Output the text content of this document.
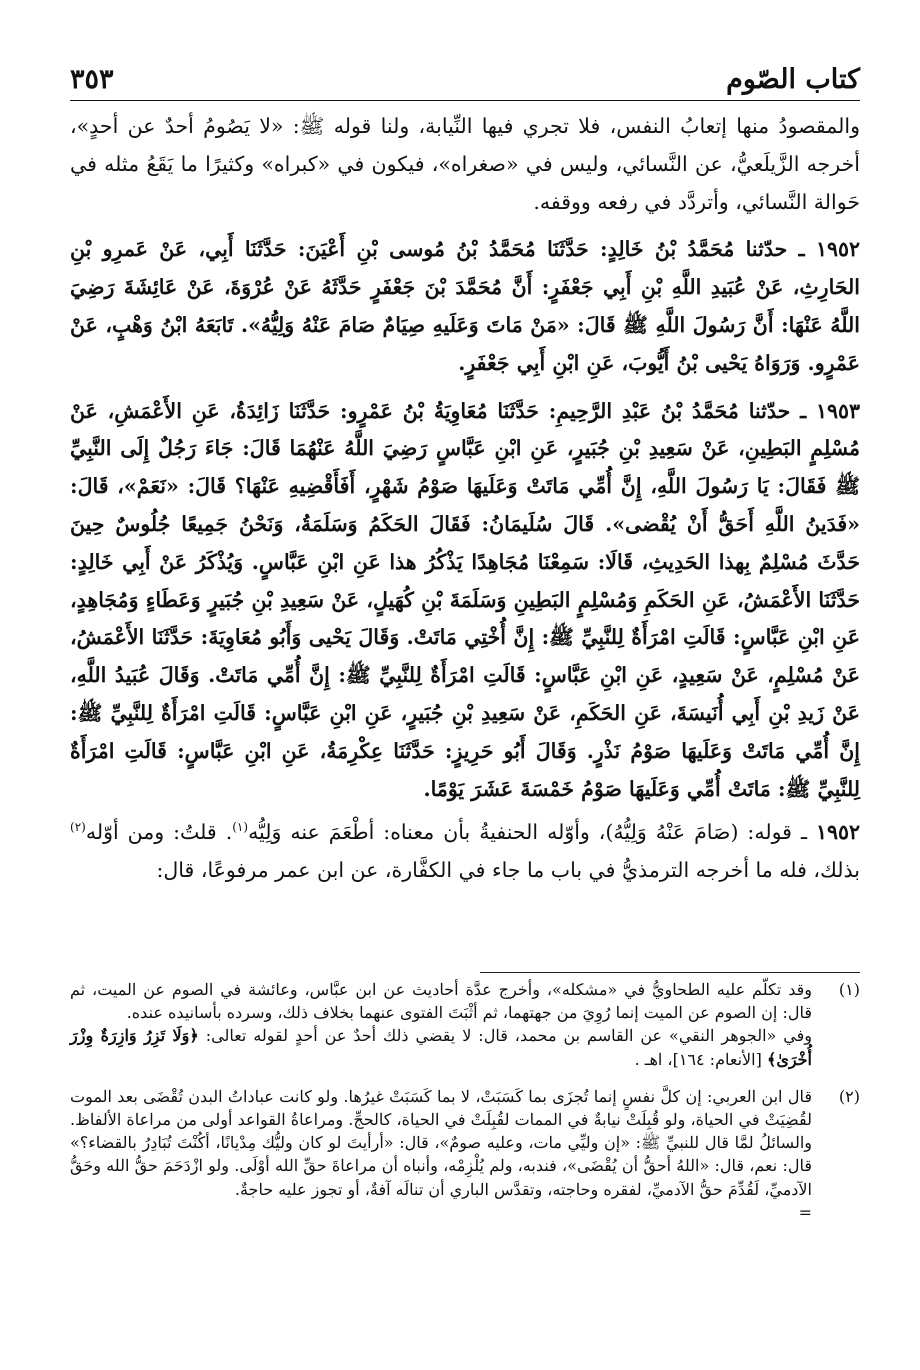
كتاب الصّوم
٣٥٣

والمقصودُ منها إتعابُ النفس، فلا تجري فيها النِّيابة، ولنا قوله ﷺ: «لا يَصُومُ أحدٌ عن أحدٍ»، أخرجه الزَّيلَعيُّ، عن النَّسائي، وليس في «صغراه»، فيكون في «كبراه» وكثيرًا ما يَقَعُ مثله في حَوالة النَّسائي، وأتردَّد في رفعه ووقفه.

١٩٥٢ ـ حدّثنا مُحَمَّدُ بْنُ خَالِدٍ: حَدَّثَنَا مُحَمَّدُ بْنُ مُوسى بْنِ أَعْيَنَ: حَدَّثَنَا أَبِي، عَنْ عَمرِو بْنِ الحَارِثِ، عَنْ عُبَيدِ اللَّهِ بْنِ أَبِي جَعْفَرٍ: أَنَّ مُحَمَّدَ بْنَ جَعْفَرٍ حَدَّثَهُ عَنْ عُرْوَةَ، عَنْ عَائِشَةَ رَضِيَ اللَّهُ عَنْهَا: أَنَّ رَسُولَ اللَّهِ ﷺ قَالَ: «مَنْ مَاتَ وَعَلَيهِ صِيَامٌ صَامَ عَنْهُ وَلِيُّهُ». تَابَعَهُ ابْنُ وَهْبٍ، عَنْ عَمْرٍو. وَرَوَاهُ يَحْيى بْنُ أَيُّوبَ، عَنِ ابْنِ أَبِي جَعْفَرٍ.

١٩٥٣ ـ حدّثنا مُحَمَّدُ بْنُ عَبْدِ الرَّحِيمِ: حَدَّثَنَا مُعَاوِيَةُ بْنُ عَمْرٍو: حَدَّثَنَا زَائِدَةُ، عَنِ الأَعْمَشِ، عَنْ مُسْلِمٍ البَطِينِ، عَنْ سَعِيدِ بْنِ جُبَيرٍ، عَنِ ابْنِ عَبَّاسٍ رَضِيَ اللَّهُ عَنْهُمَا قَالَ: جَاءَ رَجُلٌ إِلَى النَّبِيِّ ﷺ فَقَالَ: يَا رَسُولَ اللَّهِ، إِنَّ أُمِّي مَاتَتْ وَعَلَيهَا صَوْمُ شَهْرٍ، أَفَأَقْضِيهِ عَنْهَا؟ قَالَ: «نَعَمْ»، قَالَ: «فَدَينُ اللَّهِ أَحَقُّ أَنْ يُقْضى». قَالَ سُلَيمَانُ: فَقَالَ الحَكَمُ وَسَلَمَةُ، وَنَحْنُ جَمِيعًا جُلُوسٌ حِينَ حَدَّثَ مُسْلِمٌ بِهذا الحَدِيثِ، قَالَا: سَمِعْنَا مُجَاهِدًا يَذْكُرُ هذا عَنِ ابْنِ عَبَّاسٍ. وَيُذْكَرُ عَنْ أَبِي خَالِدٍ: حَدَّثَنَا الأَعْمَشُ، عَنِ الحَكَمِ وَمُسْلِمٍ البَطِينِ وَسَلَمَةَ بْنِ كُهَيلٍ، عَنْ سَعِيدِ بْنِ جُبَيرٍ وَعَطَاءٍ وَمُجَاهِدٍ، عَنِ ابْنِ عَبَّاسٍ: قَالَتِ امْرَأَةٌ لِلنَّبِيِّ ﷺ: إِنَّ أُخْتِي مَاتَتْ. وَقَالَ يَحْيى وَأَبُو مُعَاوِيَةَ: حَدَّثَنَا الأَعْمَشُ، عَنْ مُسْلِمٍ، عَنْ سَعِيدٍ، عَنِ ابْنِ عَبَّاسٍ: قَالَتِ امْرَأَةٌ لِلنَّبِيِّ ﷺ: إِنَّ أُمِّي مَاتَتْ. وَقَالَ عُبَيدُ اللَّهِ، عَنْ زَيدِ بْنِ أَبِي أُنَيسَةَ، عَنِ الحَكَمِ، عَنْ سَعِيدِ بْنِ جُبَيرٍ، عَنِ ابْنِ عَبَّاسٍ: قَالَتِ امْرَأَةٌ لِلنَّبِيِّ ﷺ: إِنَّ أُمِّي مَاتَتْ وَعَلَيهَا صَوْمُ نَذْرٍ. وَقَالَ أَبُو حَرِيزٍ: حَدَّثَنَا عِكْرِمَةُ، عَنِ ابْنِ عَبَّاسٍ: قَالَتِ امْرَأَةٌ لِلنَّبِيِّ ﷺ: مَاتَتْ أُمِّي وَعَلَيهَا صَوْمُ خَمْسَةَ عَشَرَ يَوْمًا.

١٩٥٢ ـ قوله: (صَامَ عَنْهُ وَلِيُّهُ)، وأوّله الحنفيةُ بأن معناه: أطْعَمَ عنه وَلِيُّه$^{(١)}$. قلتُ: ومن أوّله$^{(٢)}$ بذلك، فله ما أخرجه الترمذيُّ في باب ما جاء في الكفَّارة، عن ابن عمر مرفوعًا، قال:

(١)

وقد تكلّم عليه الطحاويُّ في «مشكله»، وأخرج عدَّة أحاديث عن ابن عبَّاس، وعائشة في الصوم عن الميت، ثم قال: إن الصوم عن الميت إنما رُوِيَ من جهتهما، ثم أثْبَتَ الفتوى عنهما بخلاف ذلك، وسرده بأسانيده عنده.

وفي «الجوهر النقي» عن القاسم بن محمد، قال: لا يقضي ذلك أحدٌ عن أحدٍ لقوله تعالى: ﴿وَلَا تَزِرُ وَازِرَةٌ وِزْرَ أُخْرَىٰ﴾ [الأنعام: ١٦٤]، اهـ .

(٢)

قال ابن العربي: إن كلَّ نفسٍ إنما تُجزَى بما كَسَبَتْ، لا بما كَسَبَتْ غيرُها. ولو كانت عباداتُ البدن تُقْضَى بعد الموت لقُضِيَتْ في الحياة، ولو قُبِلَتْ نيابةٌ في الممات لقُبِلَتْ في الحياة، كالحجِّ. ومراعاةُ القواعد أولى من مراعاة الألفاظ. والسائلُ لمَّا قال للنبيِّ ﷺ: «إن وليِّي مات، وعليه صومٌ»، قال: «أرأيتَ لو كان وليُّك مِدْيانًا، أكُنْتَ تُبَادِرُ بالقضاء؟» قال: نعم، قال: «اللهُ أحقُّ أن يُقْضَى»، فندبه، ولم يُلْزِمْه، وأنباه أن مراعاةَ حقِّ الله أوْلَى. ولو ازْدَحَمَ حقُّ الله وحَقُّ الآدميِّ، لَقُدِّمَ حقُّ الآدميِّ، لفقره وحاجته، وتقدَّس الباري أن تنالَه آفةٌ، أو تجوز عليه حاجةٌ.

=
